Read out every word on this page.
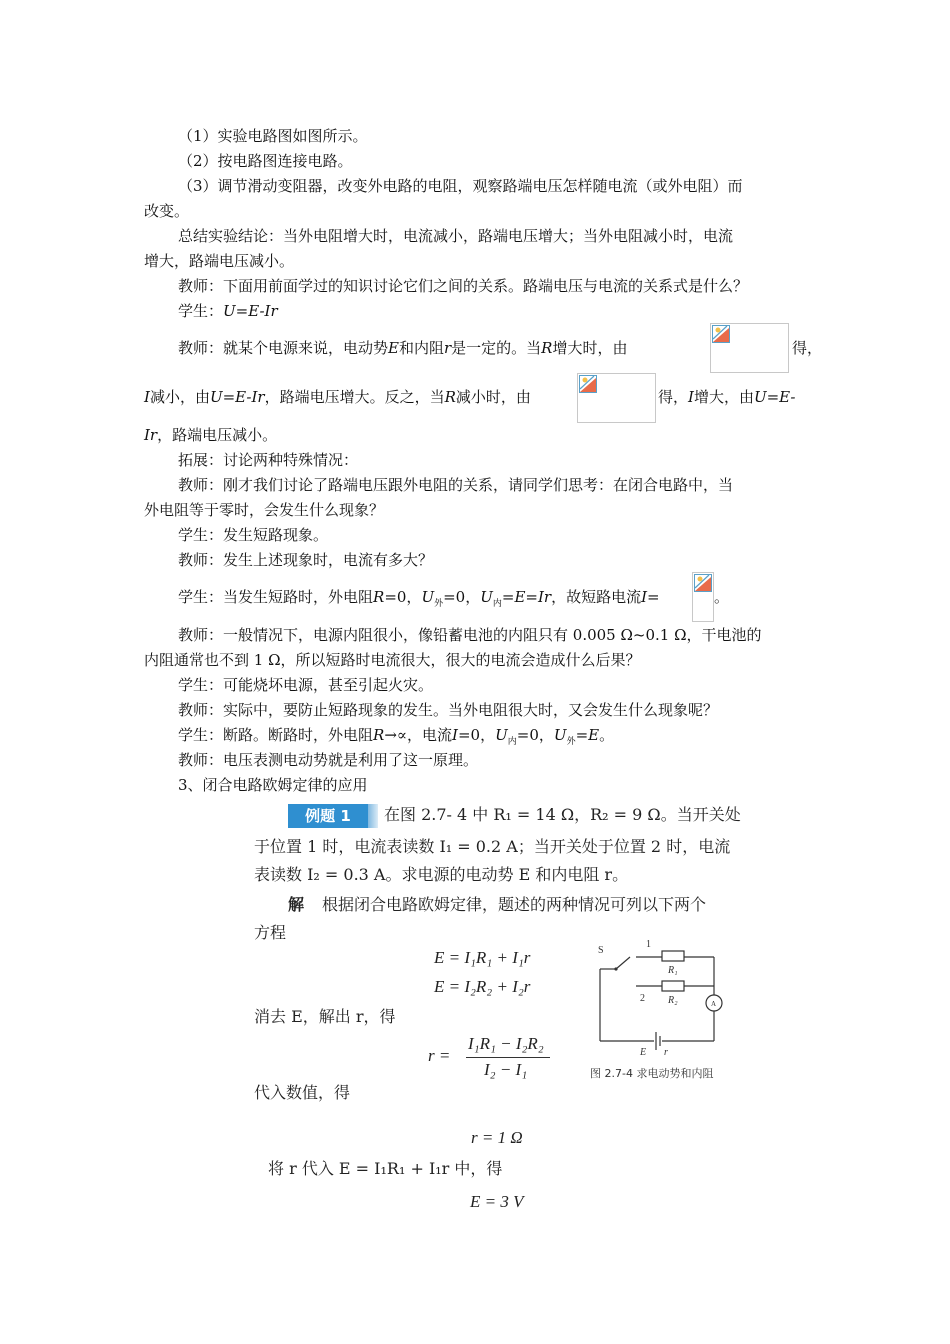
（1）实验电路图如图所示。
（2）按电路图连接电路。
（3）调节滑动变阻器，改变外电路的电阻，观察路端电压怎样随电流（或外电阻）而
改变。
总结实验结论：当外电阻增大时，电流减小，路端电压增大；当外电阻减小时，电流
增大，路端电压减小。
教师：下面用前面学过的知识讨论它们之间的关系。路端电压与电流的关系式是什么？
学生：U=E-Ir
教师：就某个电源来说，电动势E和内阻r是一定的。当R增大时，由	得，
I减小，由U=E-Ir，路端电压增大。反之，当R减小时，由	得，I增大，由U=E-
Ir，路端电压减小。
拓展：讨论两种特殊情况：
教师：刚才我们讨论了路端电压跟外电阻的关系，请同学们思考：在闭合电路中，当
外电阻等于零时，会发生什么现象？
学生：发生短路现象。
教师：发生上述现象时，电流有多大？
学生：当发生短路时，外电阻R=0，$U_外=0$，$U_内=E=Ir$，故短路电流I=	。
教师：一般情况下，电源内阻很小，像铅蓄电池的内阻只有 0.005 Ω~0.1 Ω，干电池的
内阻通常也不到 1 Ω，所以短路时电流很大，很大的电流会造成什么后果？
学生：可能烧坏电源，甚至引起火灾。
教师：实际中，要防止短路现象的发生。当外电阻很大时，又会发生什么现象呢？
学生：断路。断路时，外电阻R→∝，电流I=0，$U_内=0$，$U_外=E$。
教师：电压表测电动势就是利用了这一原理。
3、闭合电路欧姆定律的应用
例题 1	在图 2.7- 4 中 R₁ = 14 Ω，R₂ = 9 Ω。当开关处
于位置 1 时，电流表读数 I₁ = 0.2 A；当开关处于位置 2 时，电流
表读数 I₂ = 0.3 A。求电源的电动势 E 和内电阻 r。
解 根据闭合电路欧姆定律，题述的两种情况可列以下两个
方程
E = I₁R₁ + I₁r
E = I₂R₂ + I₂r
消去 E，解出 r，得
r =
I₁R₁ − I₂R₂
I₂ − I₁
代入数值，得
r = 1 Ω
将 r 代入 E = I₁R₁ + I₁r 中，得
E = 3 V
S
1
2
R₁
R₂	A
E r
图 2.7-4 求电动势和内阻
